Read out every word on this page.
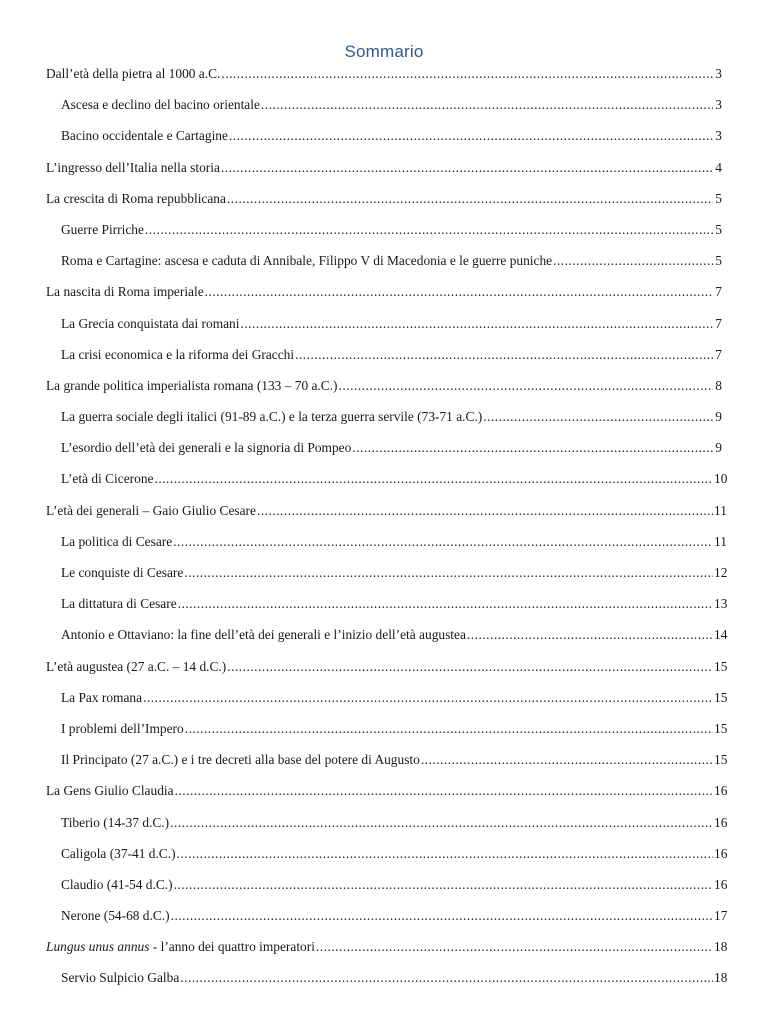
Sommario
Dall’età della pietra al 1000 a.C. .....	3
Ascesa e declino del bacino orientale .....	3
Bacino occidentale e Cartagine .....	3
L’ingresso dell’Italia nella storia .....	4
La crescita di Roma repubblicana .....	5
Guerre Pirriche .....	5
Roma e Cartagine: ascesa e caduta di Annibale, Filippo V di Macedonia e le guerre puniche .....	5
La nascita di Roma imperiale .....	7
La Grecia conquistata dai romani .....	7
La crisi economica e la riforma dei Gracchi .....	7
La grande politica imperialista romana (133 – 70 a.C.) .....	8
La guerra sociale degli italici (91-89 a.C.) e la terza guerra servile (73-71 a.C.) .....	9
L’esordio dell’età dei generali e la signoria di Pompeo .....	9
L’età di Cicerone .....	10
L’età dei generali – Gaio Giulio Cesare .....	11
La politica di Cesare .....	11
Le conquiste di Cesare .....	12
La dittatura di Cesare .....	13
Antonio e Ottaviano: la fine dell’età dei generali e l’inizio dell’età augustea .....	14
L’età augustea (27 a.C. – 14 d.C.) .....	15
La Pax romana .....	15
I problemi dell’Impero .....	15
Il Principato (27 a.C.) e i tre decreti alla base del potere di Augusto .....	15
La Gens Giulio Claudia .....	16
Tiberio (14-37 d.C.) .....	16
Caligola (37-41 d.C.) .....	16
Claudio (41-54 d.C.) .....	16
Nerone (54-68 d.C.) .....	17
Lungus unus annus - l’anno dei quattro imperatori .....	18
Servio Sulpicio Galba .....	18
